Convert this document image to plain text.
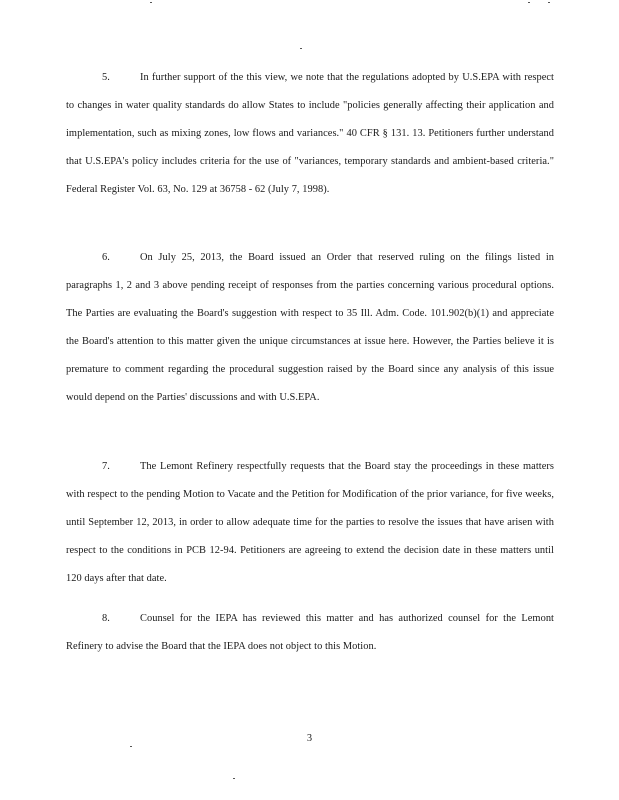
5.	In further support of the this view, we note that the regulations adopted by U.S.EPA with respect to changes in water quality standards do allow States to include "policies generally affecting their application and implementation, such as mixing zones, low flows and variances." 40 CFR § 131. 13. Petitioners further understand that U.S.EPA's policy includes criteria for the use of "variances, temporary standards and ambient-based criteria." Federal Register Vol. 63, No. 129 at 36758 - 62 (July 7, 1998).

6.	On July 25, 2013, the Board issued an Order that reserved ruling on the filings listed in paragraphs 1, 2 and 3 above pending receipt of responses from the parties concerning various procedural options. The Parties are evaluating the Board's suggestion with respect to 35 Ill. Adm. Code. 101.902(b)(1) and appreciate the Board's attention to this matter given the unique circumstances at issue here. However, the Parties believe it is premature to comment regarding the procedural suggestion raised by the Board since any analysis of this issue would depend on the Parties' discussions and with U.S.EPA.

7.	The Lemont Refinery respectfully requests that the Board stay the proceedings in these matters with respect to the pending Motion to Vacate and the Petition for Modification of the prior variance, for five weeks, until September 12, 2013, in order to allow adequate time for the parties to resolve the issues that have arisen with respect to the conditions in PCB 12-94. Petitioners are agreeing to extend the decision date in these matters until 120 days after that date.

8.	Counsel for the IEPA has reviewed this matter and has authorized counsel for the Lemont Refinery to advise the Board that the IEPA does not object to this Motion.

3
